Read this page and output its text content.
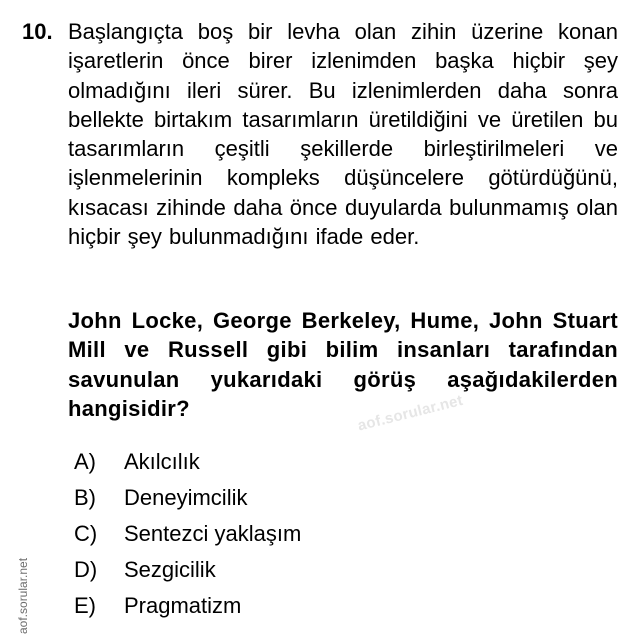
10. Başlangıçta boş bir levha olan zihin üzerine konan işaretlerin önce birer izlenimden başka hiçbir şey olmadığını ileri sürer. Bu izlenimlerden daha sonra bellekte birtakım tasarımların üretildiğini ve üretilen bu tasarımların çeşitli şekillerde birleştirilmeleri ve işlenmelerinin kompleks düşüncelere götürdüğünü, kısacası zihinde daha önce duyularda bulunmamış olan hiçbir şey bulunmadığını ifade eder.
John Locke, George Berkeley, Hume, John Stuart Mill ve Russell gibi bilim insanları tarafından savunulan yukarıdaki görüş aşağıdakilerden hangisidir?	aof.sorular.net
A)	Akılcılık
B)	Deneyimcilik
C)	Sentezci yaklaşım
D)	Sezgicilik
E)	Pragmatizm
aof.sorular.net
